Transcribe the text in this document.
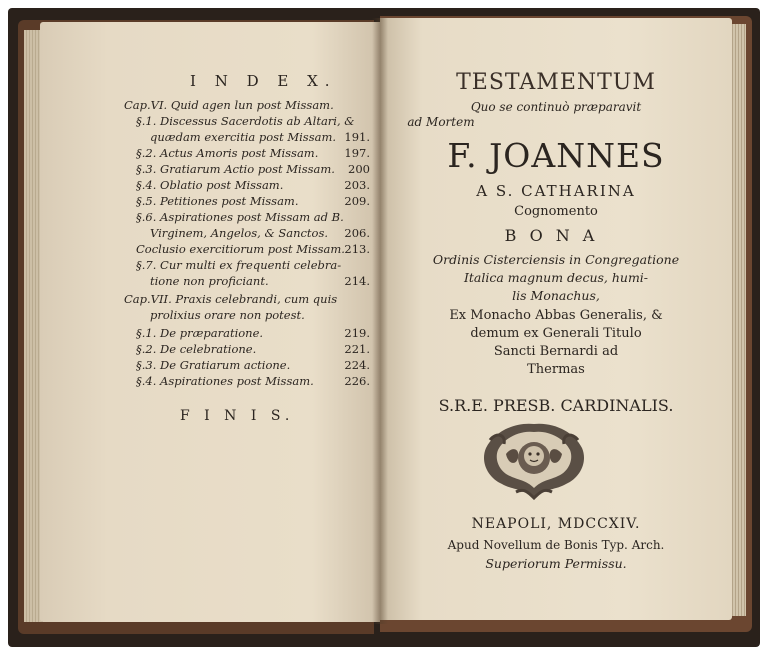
I N D E X.
Cap.VI. Quid agen lun post Missam.
§.1. Discessus Sacerdotis ab Altari, &
quædam exercitia post Missam. 191.
§.2. Actus Amoris post Missam. 197.
§.3. Gratiarum Actio post Missam. 200
§.4. Oblatio post Missam.	203.
§.5. Petitiones post Missam.	209.
§.6. Aspirationes post Missam ad B.
Virginem, Angelos, & Sanctos. 206.
Coclusio exercitiorum post Missam. 213.
§.7. Cur multi ex frequenti celebra-
tione non proficiant.	214.
Cap.VII. Praxis celebrandi, cum quis
prolixius orare non potest.
§.1. De præparatione.	219.
§.2. De celebratione.	221.
§.3. De Gratiarum actione.	224.
§.4. Aspirationes post Missam.	226.
F I N I S.
TESTAMENTUM
Quo se continuò præparavit
ad Mortem
F. JOANNES
A S. CATHARINA
Cognomento
BONA
Ordinis Cisterciensis in Congregatione
Italica magnum decus, humi-
lis Monachus,
Ex Monacho Abbas Generalis, &
demum ex Generali Titulo
Sancti Bernardi ad
Thermas
S.R.E. PRESB. CARDINALIS.
NEAPOLI, MDCCXIV.
Apud Novellum de Bonis Typ. Arch.
Superiorum Permissu.
